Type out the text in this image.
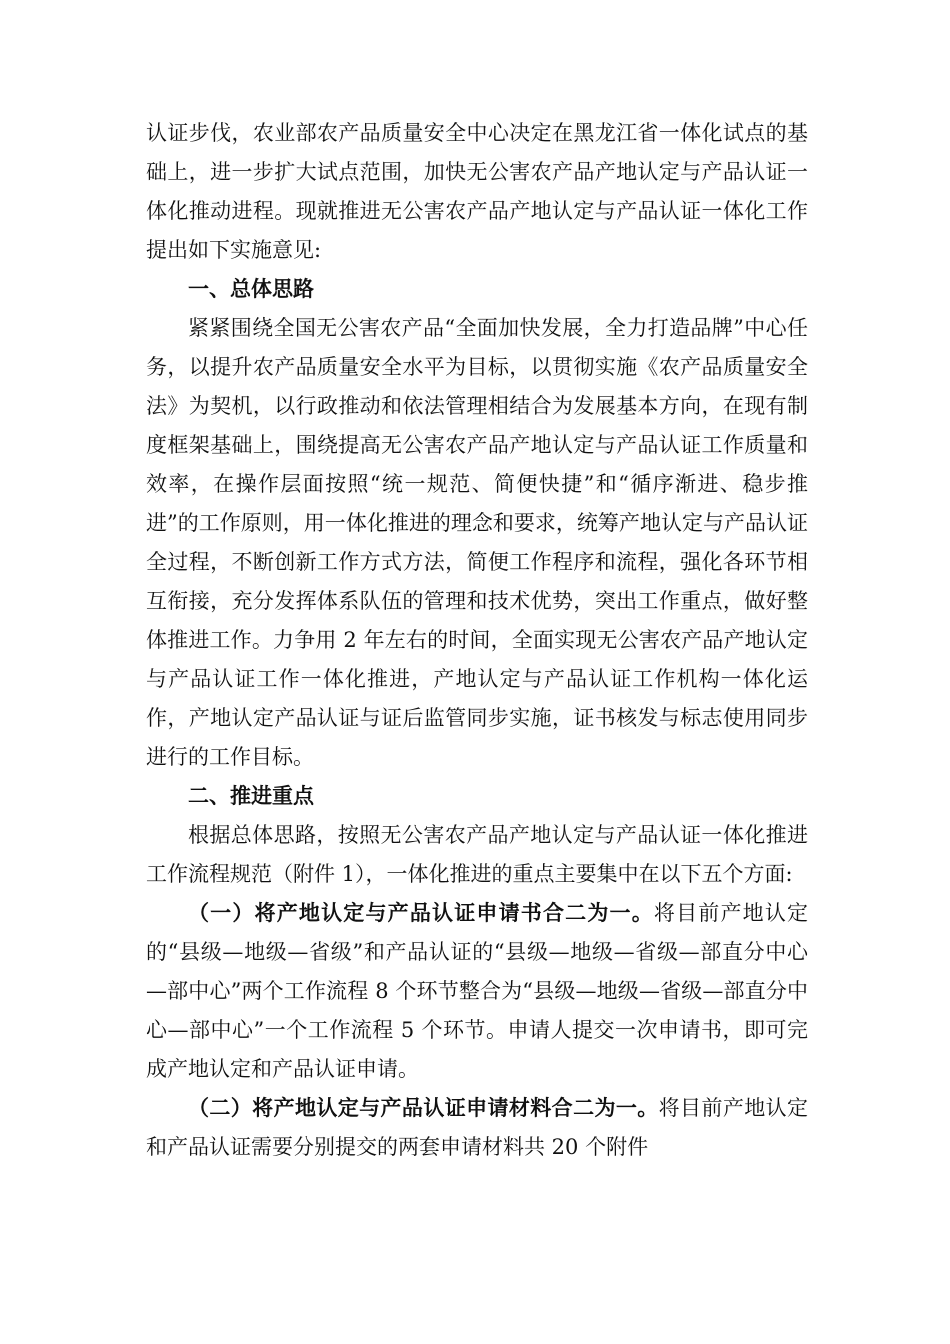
认证步伐，农业部农产品质量安全中心决定在黑龙江省一体化试点的基础上，进一步扩大试点范围，加快无公害农产品产地认定与产品认证一体化推动进程。现就推进无公害农产品产地认定与产品认证一体化工作提出如下实施意见:

一、总体思路

紧紧围绕全国无公害农产品“全面加快发展，全力打造品牌”中心任务，以提升农产品质量安全水平为目标，以贯彻实施《农产品质量安全法》为契机，以行政推动和依法管理相结合为发展基本方向，在现有制度框架基础上，围绕提高无公害农产品产地认定与产品认证工作质量和效率，在操作层面按照“统一规范、简便快捷”和“循序渐进、稳步推进”的工作原则，用一体化推进的理念和要求，统筹产地认定与产品认证全过程，不断创新工作方式方法，简便工作程序和流程，强化各环节相互衔接，充分发挥体系队伍的管理和技术优势，突出工作重点，做好整体推进工作。力争用 2 年左右的时间，全面实现无公害农产品产地认定与产品认证工作一体化推进，产地认定与产品认证工作机构一体化运作，产地认定产品认证与证后监管同步实施，证书核发与标志使用同步进行的工作目标。

二、推进重点

根据总体思路，按照无公害农产品产地认定与产品认证一体化推进工作流程规范（附件 1），一体化推进的重点主要集中在以下五个方面:

（一）将产地认定与产品认证申请书合二为一。将目前产地认定的“县级—地级—省级”和产品认证的“县级—地级—省级—部直分中心—部中心”两个工作流程 8 个环节整合为“县级—地级—省级—部直分中心—部中心”一个工作流程 5 个环节。申请人提交一次申请书，即可完成产地认定和产品认证申请。

（二）将产地认定与产品认证申请材料合二为一。将目前产地认定和产品认证需要分别提交的两套申请材料共 20 个附件
